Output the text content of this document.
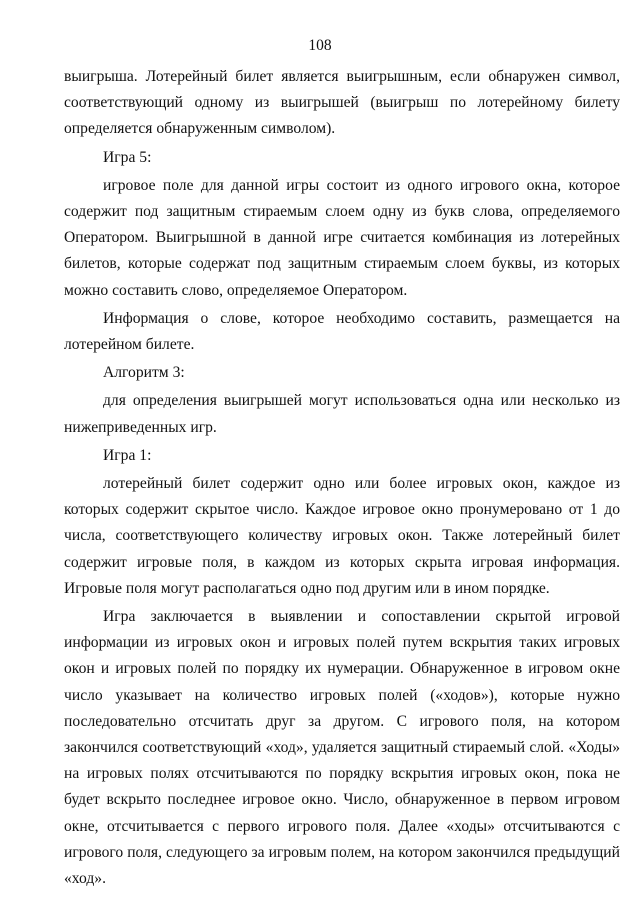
108

выигрыша. Лотерейный билет является выигрышным, если обнаружен символ, соответствующий одному из выигрышей (выигрыш по лотерейному билету определяется обнаруженным символом).

Игра 5:

игровое поле для данной игры состоит из одного игрового окна, которое содержит под защитным стираемым слоем одну из букв слова, определяемого Оператором. Выигрышной в данной игре считается комбинация из лотерейных билетов, которые содержат под защитным стираемым слоем буквы, из которых можно составить слово, определяемое Оператором.

Информация о слове, которое необходимо составить, размещается на лотерейном билете.

Алгоритм 3:

для определения выигрышей могут использоваться одна или несколько из нижеприведенных игр.

Игра 1:

лотерейный билет содержит одно или более игровых окон, каждое из которых содержит скрытое число. Каждое игровое окно пронумеровано от 1 до числа, соответствующего количеству игровых окон. Также лотерейный билет содержит игровые поля, в каждом из которых скрыта игровая информация. Игровые поля могут располагаться одно под другим или в ином порядке.

Игра заключается в выявлении и сопоставлении скрытой игровой информации из игровых окон и игровых полей путем вскрытия таких игровых окон и игровых полей по порядку их нумерации. Обнаруженное в игровом окне число указывает на количество игровых полей («ходов»), которые нужно последовательно отсчитать друг за другом. С игрового поля, на котором закончился соответствующий «ход», удаляется защитный стираемый слой. «Ходы» на игровых полях отсчитываются по порядку вскрытия игровых окон, пока не будет вскрыто последнее игровое окно. Число, обнаруженное в первом игровом окне, отсчитывается с первого игрового поля. Далее «ходы» отсчитываются с игрового поля, следующего за игровым полем, на котором закончился предыдущий «ход».
